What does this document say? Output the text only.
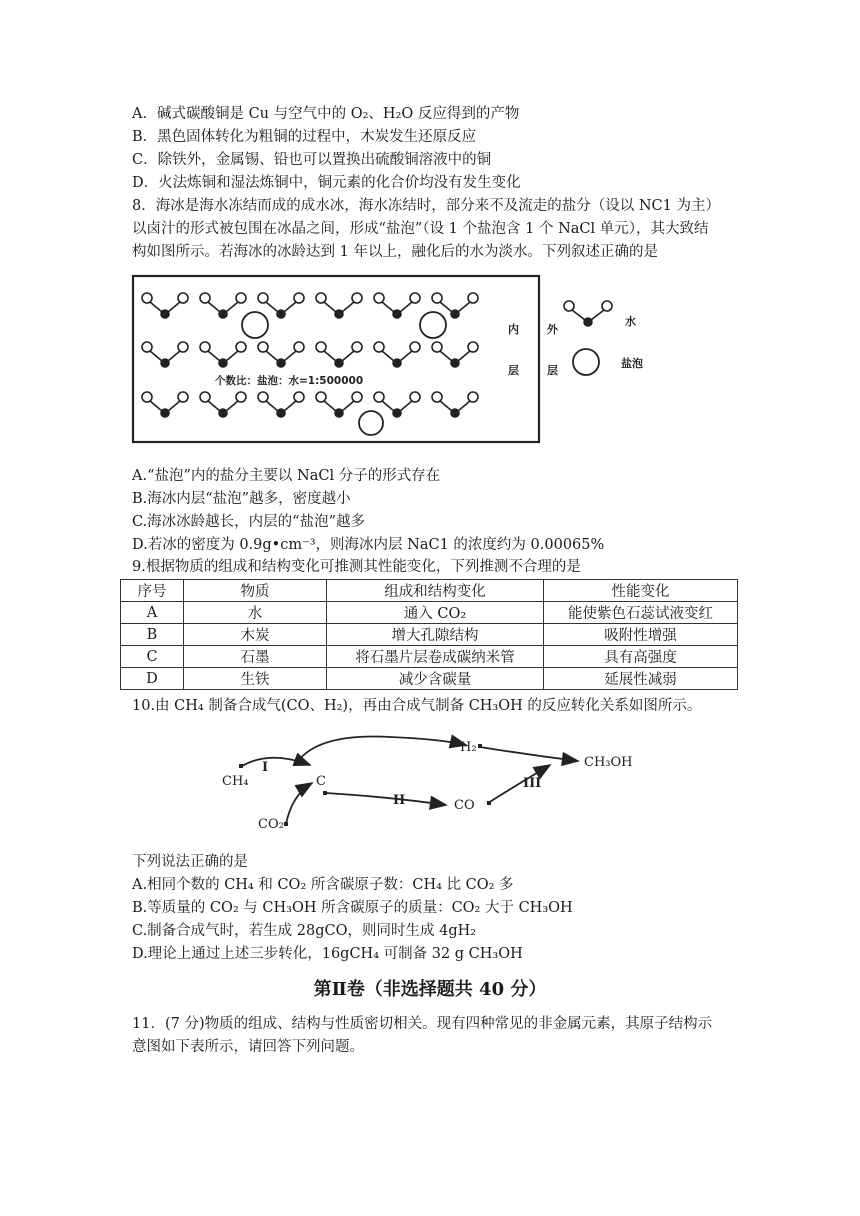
A．碱式碳酸铜是 Cu 与空气中的 O₂、H₂O 反应得到的产物
B．黑色固体转化为粗铜的过程中，木炭发生还原反应
C．除铁外，金属锡、铅也可以置换出硫酸铜溶液中的铜
D．火法炼铜和湿法炼铜中，铜元素的化合价均没有发生变化
8．海冰是海水冻结而成的成水冰，海水冻结时，部分来不及流走的盐分（设以 NC1 为主）
以卤汁的形式被包围在冰晶之间，形成“盐泡”（设 1 个盐泡含 1 个 NaCl 单元），其大致结
构如图所示。若海冰的冰龄达到 1 年以上，融化后的水为淡水。下列叙述正确的是
个数比：盐泡：水=1:500000
内
层
外
层
水
盐泡
A.“盐泡”内的盐分主要以 NaCl 分子的形式存在
B.海冰内层“盐泡”越多，密度越小
C.海冰冰龄越长，内层的“盐泡”越多
D.若冰的密度为 0.9g•cm⁻³，则海冰内层 NaC1 的浓度约为 0.00065%
9.根据物质的组成和结构变化可推测其性能变化，下列推测不合理的是
序号	物质	组成和结构变化	性能变化
A	水	通入 CO₂	能使紫色石蕊试液变红
B	木炭	增大孔隙结构	吸附性增强
C	石墨	将石墨片层卷成碳纳米管	具有高强度
D	生铁	减少含碳量	延展性减弱
10.由 CH₄ 制备合成气(CO、H₂)，再由合成气制备 CH₃OH 的反应转化关系如图所示。
CH₄	C
CO₂
H₂
CO
CH₃OH
I
II
III
下列说法正确的是
A.相同个数的 CH₄ 和 CO₂ 所含碳原子数：CH₄ 比 CO₂ 多
B.等质量的 CO₂ 与 CH₃OH 所含碳原子的质量：CO₂ 大于 CH₃OH
C.制备合成气时，若生成 28gCO，则同时生成 4gH₂
D.理论上通过上述三步转化，16gCH₄ 可制备 32 g CH₃OH
第Ⅱ卷（非选择题共 40 分）
11．(7 分)物质的组成、结构与性质密切相关。现有四种常见的非金属元素，其原子结构示
意图如下表所示，请回答下列问题。
